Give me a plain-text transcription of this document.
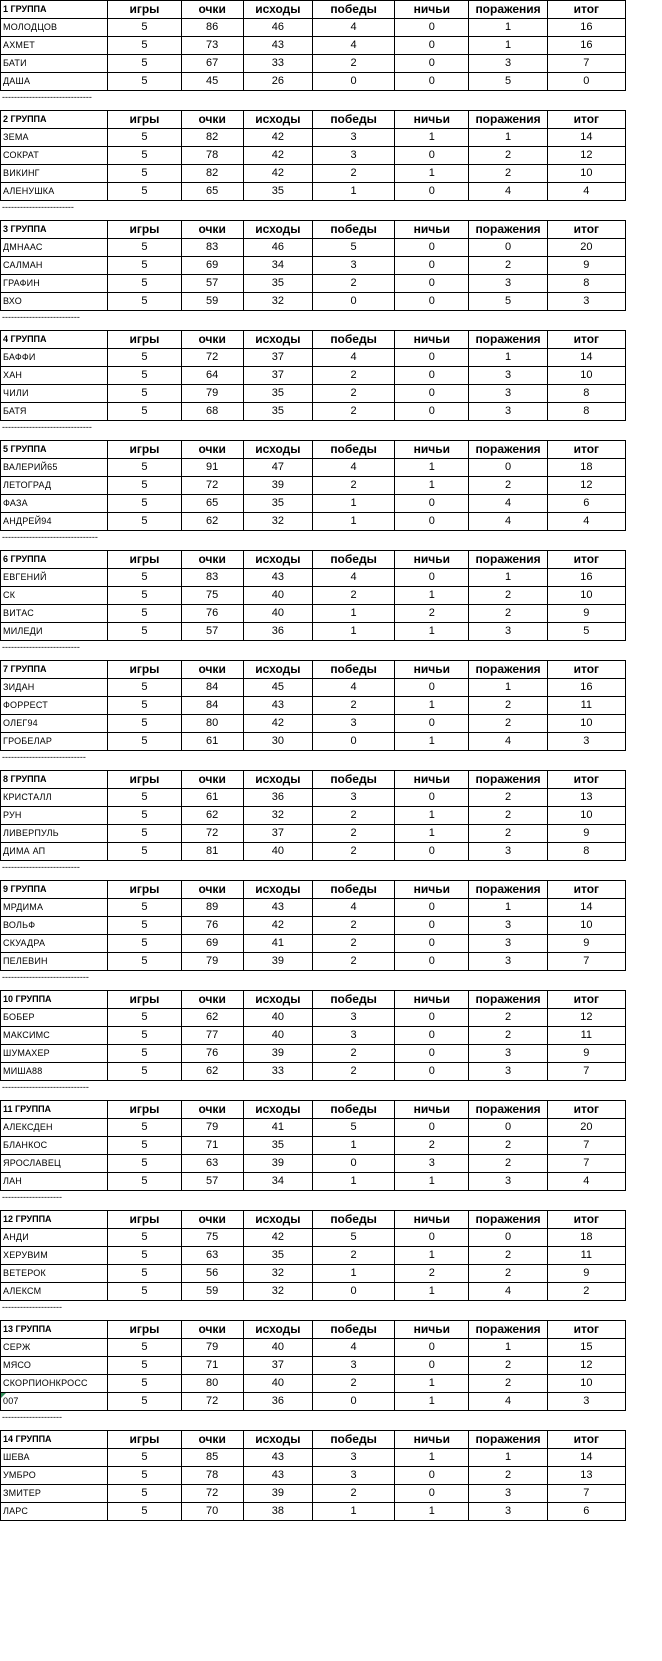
1 ГРУППА	игры	очки	исходы	победы	ничьи	поражения	итог
МОЛОДЦОВ	5	86	46	4	0	1	16
АХМЕТ	5	73	43	4	0	1	16
БАТИ	5	67	33	2	0	3	7
ДАША	5	45	26	0	0	5	0
------------------------------
2 ГРУППА	игры	очки	исходы	победы	ничьи	поражения	итог
ЗЕМА	5	82	42	3	1	1	14
СОКРАТ	5	78	42	3	0	2	12
ВИКИНГ	5	82	42	2	1	2	10
АЛЕНУШКА	5	65	35	1	0	4	4
------------------------
3 ГРУППА	игры	очки	исходы	победы	ничьи	поражения	итог
ДМНААС	5	83	46	5	0	0	20
САЛМАН	5	69	34	3	0	2	9
ГРАФИН	5	57	35	2	0	3	8
ВХО	5	59	32	0	0	5	3
--------------------------
4 ГРУППА	игры	очки	исходы	победы	ничьи	поражения	итог
БАФФИ	5	72	37	4	0	1	14
ХАН	5	64	37	2	0	3	10
ЧИЛИ	5	79	35	2	0	3	8
БАТЯ	5	68	35	2	0	3	8
------------------------------
5 ГРУППА	игры	очки	исходы	победы	ничьи	поражения	итог
ВАЛЕРИЙ65	5	91	47	4	1	0	18
ЛЕТОГРАД	5	72	39	2	1	2	12
ФАЗА	5	65	35	1	0	4	6
АНДРЕЙ94	5	62	32	1	0	4	4
--------------------------------
6 ГРУППА	игры	очки	исходы	победы	ничьи	поражения	итог
ЕВГЕНИЙ	5	83	43	4	0	1	16
СК	5	75	40	2	1	2	10
ВИТАС	5	76	40	1	2	2	9
МИЛЕДИ	5	57	36	1	1	3	5
--------------------------
7 ГРУППА	игры	очки	исходы	победы	ничьи	поражения	итог
ЗИДАН	5	84	45	4	0	1	16
ФОРРЕСТ	5	84	43	2	1	2	11
ОЛЕГ94	5	80	42	3	0	2	10
ГРОБЕЛАР	5	61	30	0	1	4	3
----------------------------
8 ГРУППА	игры	очки	исходы	победы	ничьи	поражения	итог
КРИСТАЛЛ	5	61	36	3	0	2	13
РУН	5	62	32	2	1	2	10
ЛИВЕРПУЛЬ	5	72	37	2	1	2	9
ДИМА АП	5	81	40	2	0	3	8
--------------------------
9 ГРУППА	игры	очки	исходы	победы	ничьи	поражения	итог
МРДИМА	5	89	43	4	0	1	14
ВОЛЬФ	5	76	42	2	0	3	10
СКУАДРА	5	69	41	2	0	3	9
ПЕЛЕВИН	5	79	39	2	0	3	7
-----------------------------
10 ГРУППА	игры	очки	исходы	победы	ничьи	поражения	итог
БОБЕР	5	62	40	3	0	2	12
МАКСИМС	5	77	40	3	0	2	11
ШУМАХЕР	5	76	39	2	0	3	9
МИША88	5	62	33	2	0	3	7
-----------------------------
11 ГРУППА	игры	очки	исходы	победы	ничьи	поражения	итог
АЛЕКСДЕН	5	79	41	5	0	0	20
БЛАНКОС	5	71	35	1	2	2	7
ЯРОСЛАВЕЦ	5	63	39	0	3	2	7
ЛАН	5	57	34	1	1	3	4
--------------------
12 ГРУППА	игры	очки	исходы	победы	ничьи	поражения	итог
АНДИ	5	75	42	5	0	0	18
ХЕРУВИМ	5	63	35	2	1	2	11
ВЕТЕРОК	5	56	32	1	2	2	9
АЛЕКСМ	5	59	32	0	1	4	2
--------------------
13 ГРУППА	игры	очки	исходы	победы	ничьи	поражения	итог
СЕРЖ	5	79	40	4	0	1	15
МЯСО	5	71	37	3	0	2	12
СКОРПИОНКРОСС	5	80	40	2	1	2	10
007	5	72	36	0	1	4	3
--------------------
14 ГРУППА	игры	очки	исходы	победы	ничьи	поражения	итог
ШЕВА	5	85	43	3	1	1	14
УМБРО	5	78	43	3	0	2	13
ЗМИТЕР	5	72	39	2	0	3	7
ЛАРС	5	70	38	1	1	3	6
